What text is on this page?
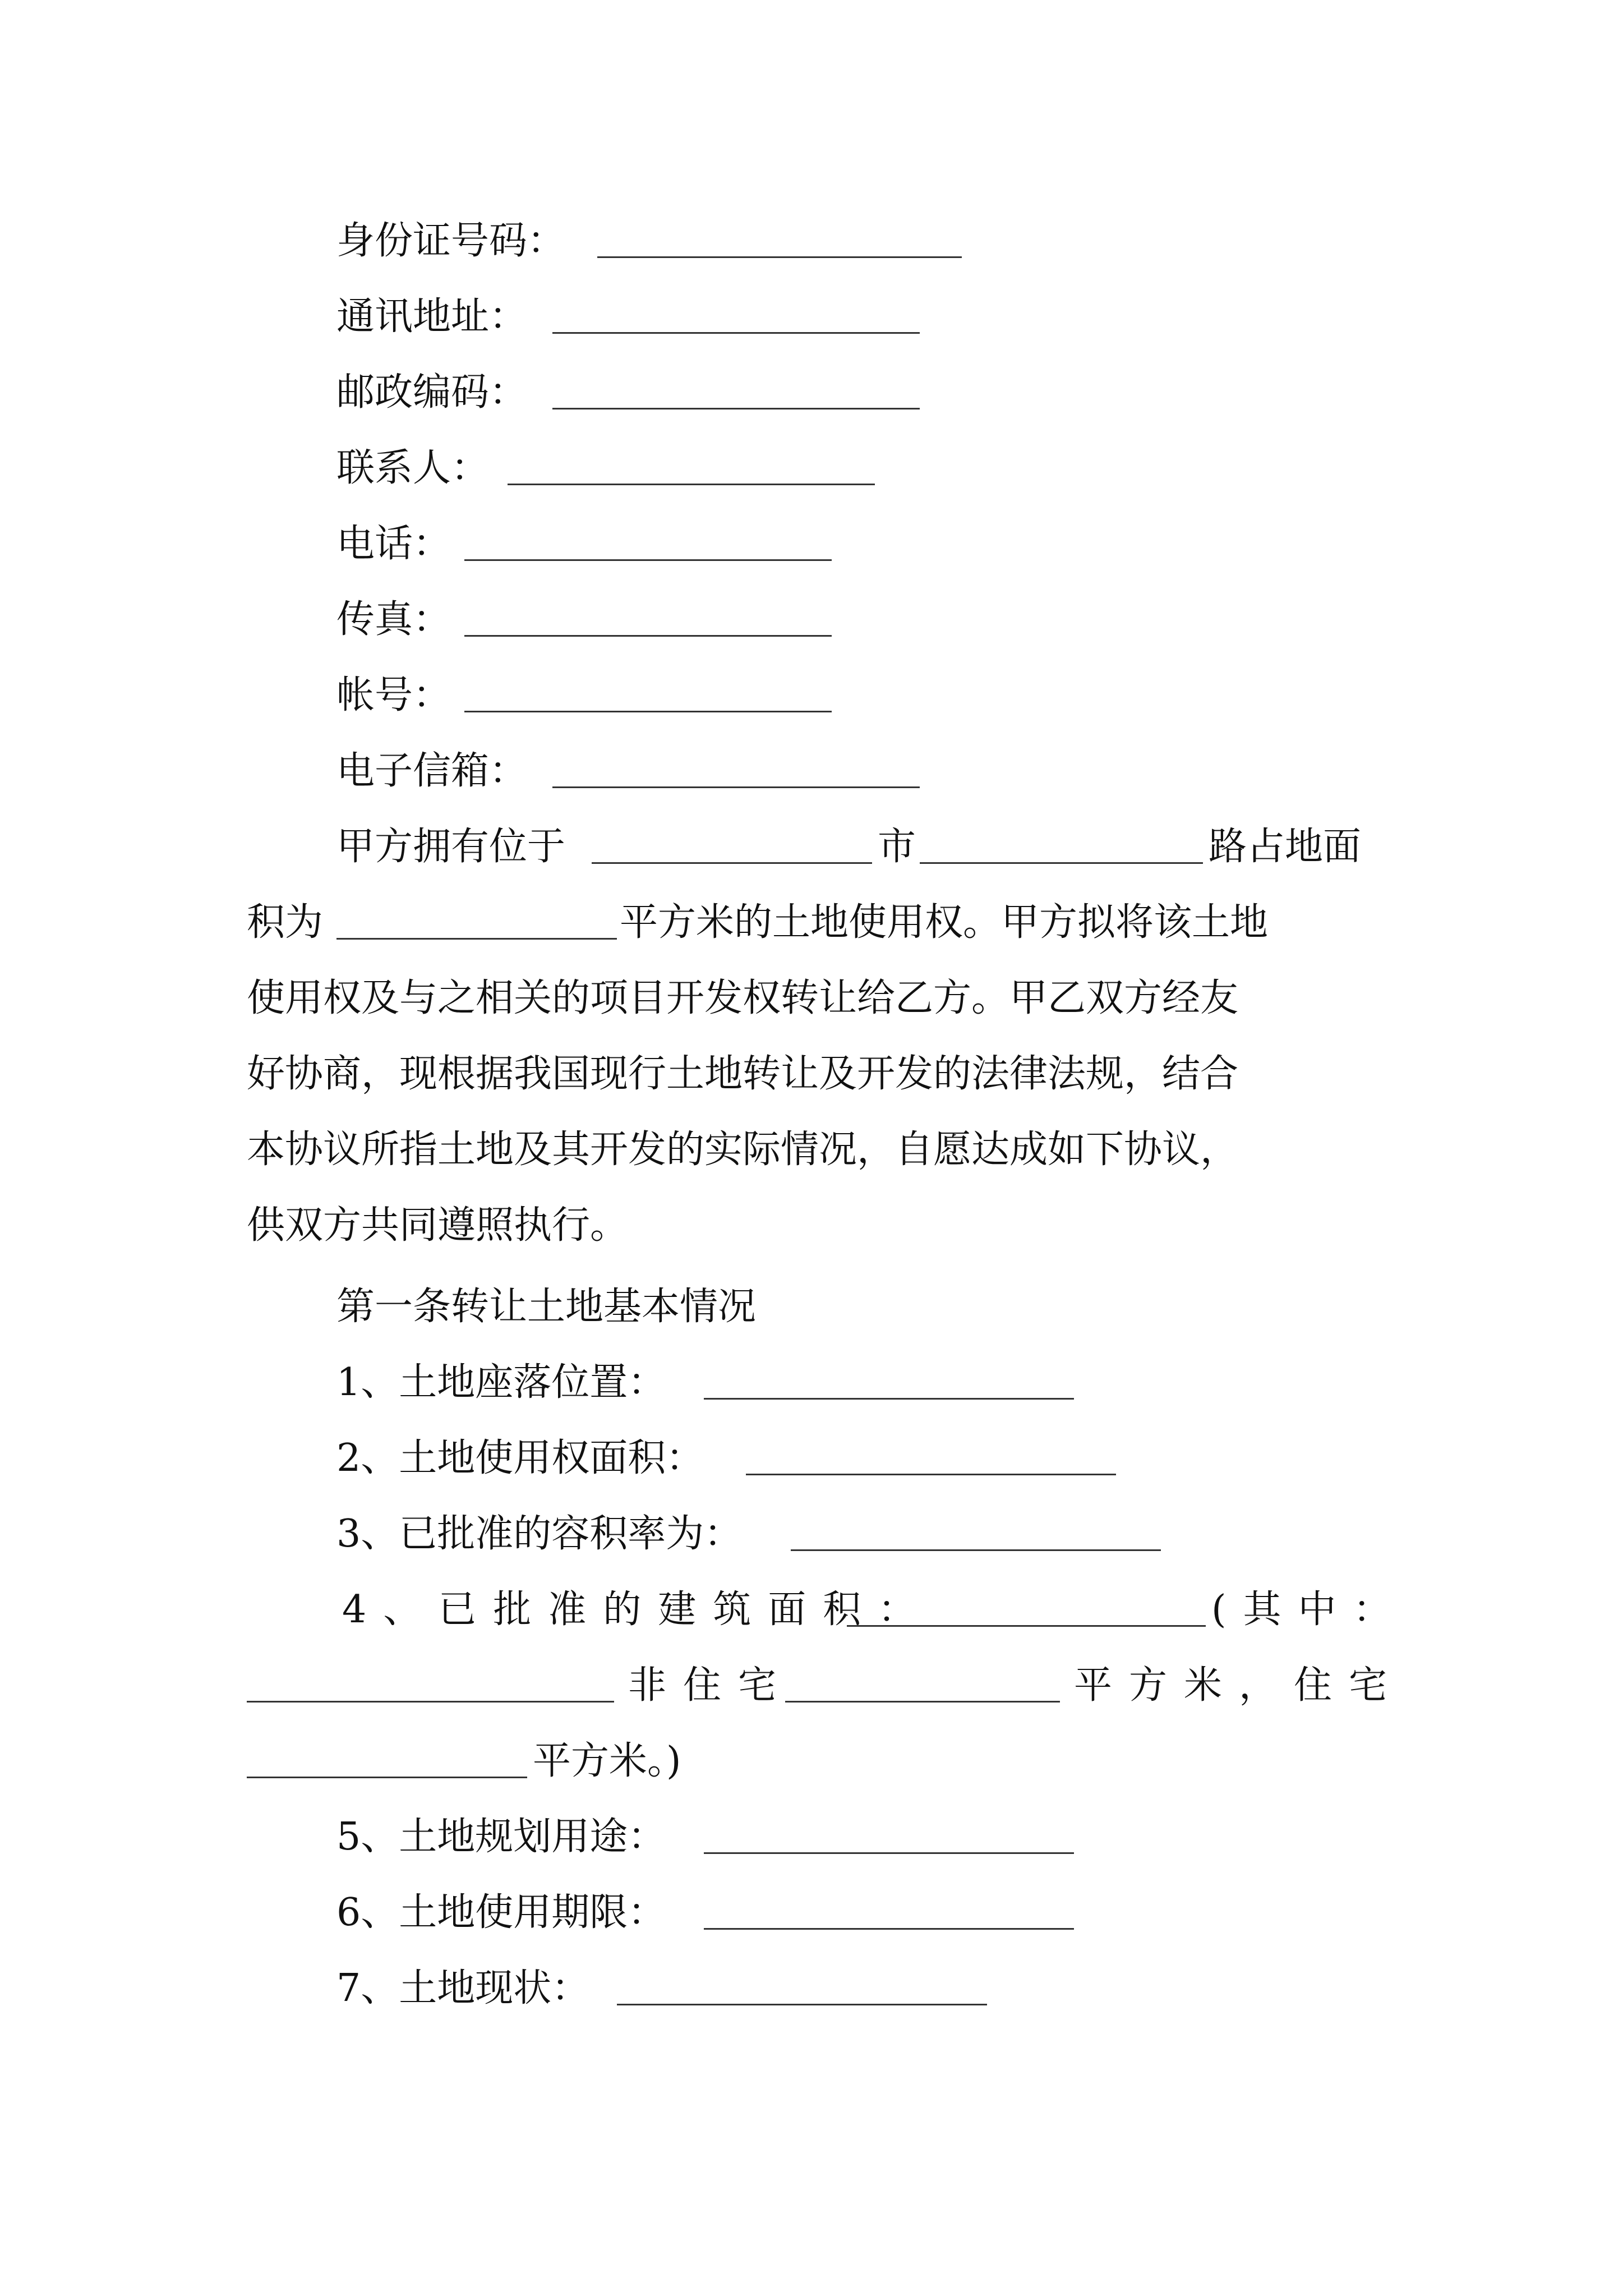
身份证号码：
通讯地址：
邮政编码：
联系人：
电话：
传真：
帐号：
电子信箱：
甲方拥有位于	市	路占地面
积为	平方米的土地使用权。甲方拟将该土地
使用权及与之相关的项目开发权转让给乙方。甲乙双方经友
好协商，现根据我国现行土地转让及开发的法律法规，结合
本协议所指土地及其开发的实际情况，自愿达成如下协议，
供双方共同遵照执行。
第一条转让土地基本情况
1、土地座落位置：
2、土地使用权面积：
3、已批准的容积率为：
4、已批准的建筑面积：	(其中：
非住宅	平方米，住宅
平方米。)
5、土地规划用途：
6、土地使用期限：
7、土地现状：
